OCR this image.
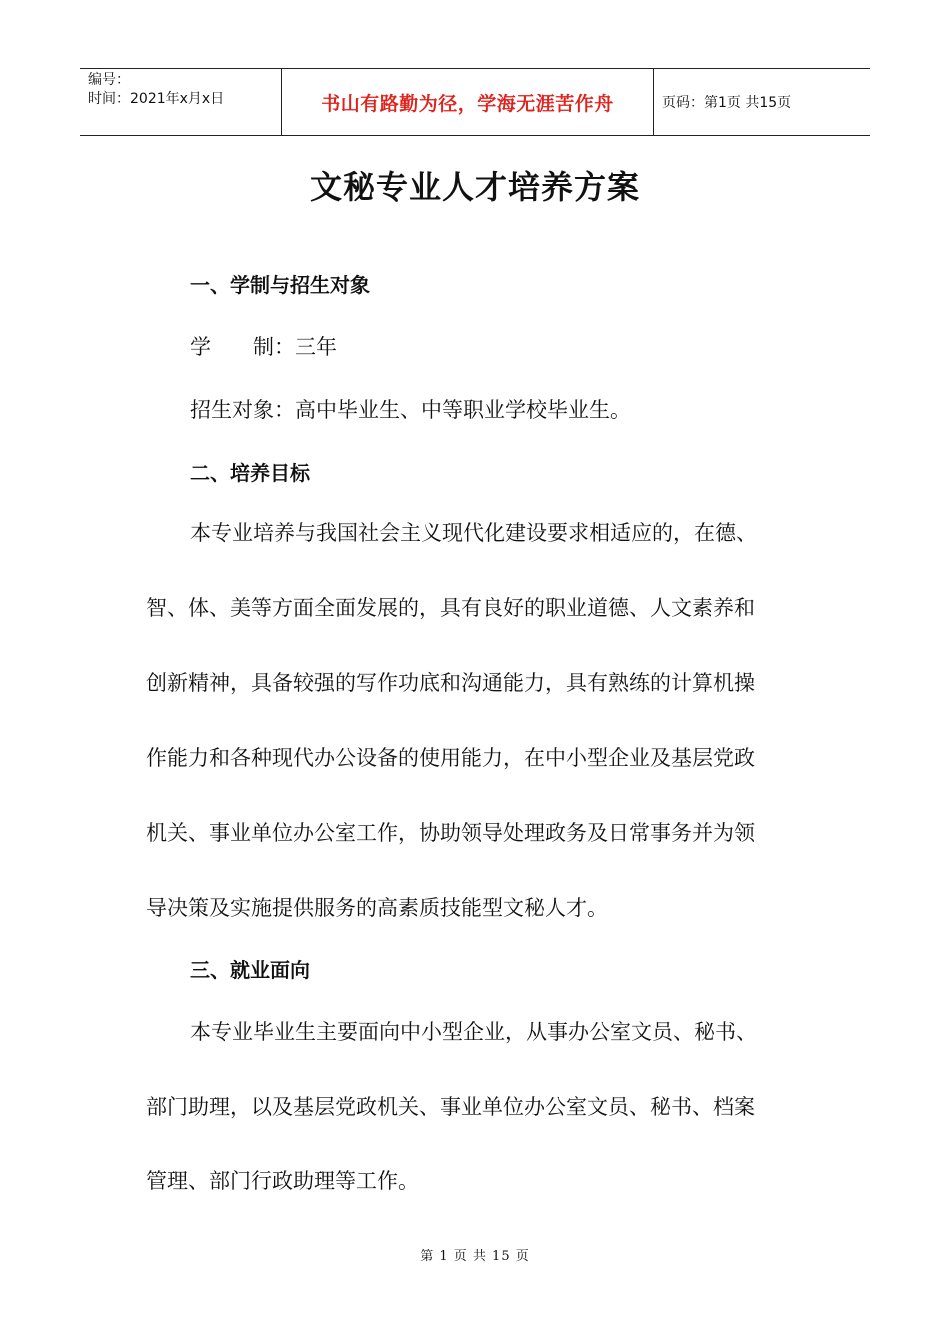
编号：
时间：2021年x月x日	书山有路勤为径，学海无涯苦作舟	页码：第1页 共15页
文秘专业人才培养方案
一、学制与招生对象
学　　制：三年
招生对象：高中毕业生、中等职业学校毕业生。
二、培养目标
本专业培养与我国社会主义现代化建设要求相适应的，在德、
智、体、美等方面全面发展的，具有良好的职业道德、人文素养和
创新精神，具备较强的写作功底和沟通能力，具有熟练的计算机操
作能力和各种现代办公设备的使用能力，在中小型企业及基层党政
机关、事业单位办公室工作，协助领导处理政务及日常事务并为领
导决策及实施提供服务的高素质技能型文秘人才。
三、就业面向
本专业毕业生主要面向中小型企业，从事办公室文员、秘书、
部门助理，以及基层党政机关、事业单位办公室文员、秘书、档案
管理、部门行政助理等工作。
第 1 页 共 15 页
